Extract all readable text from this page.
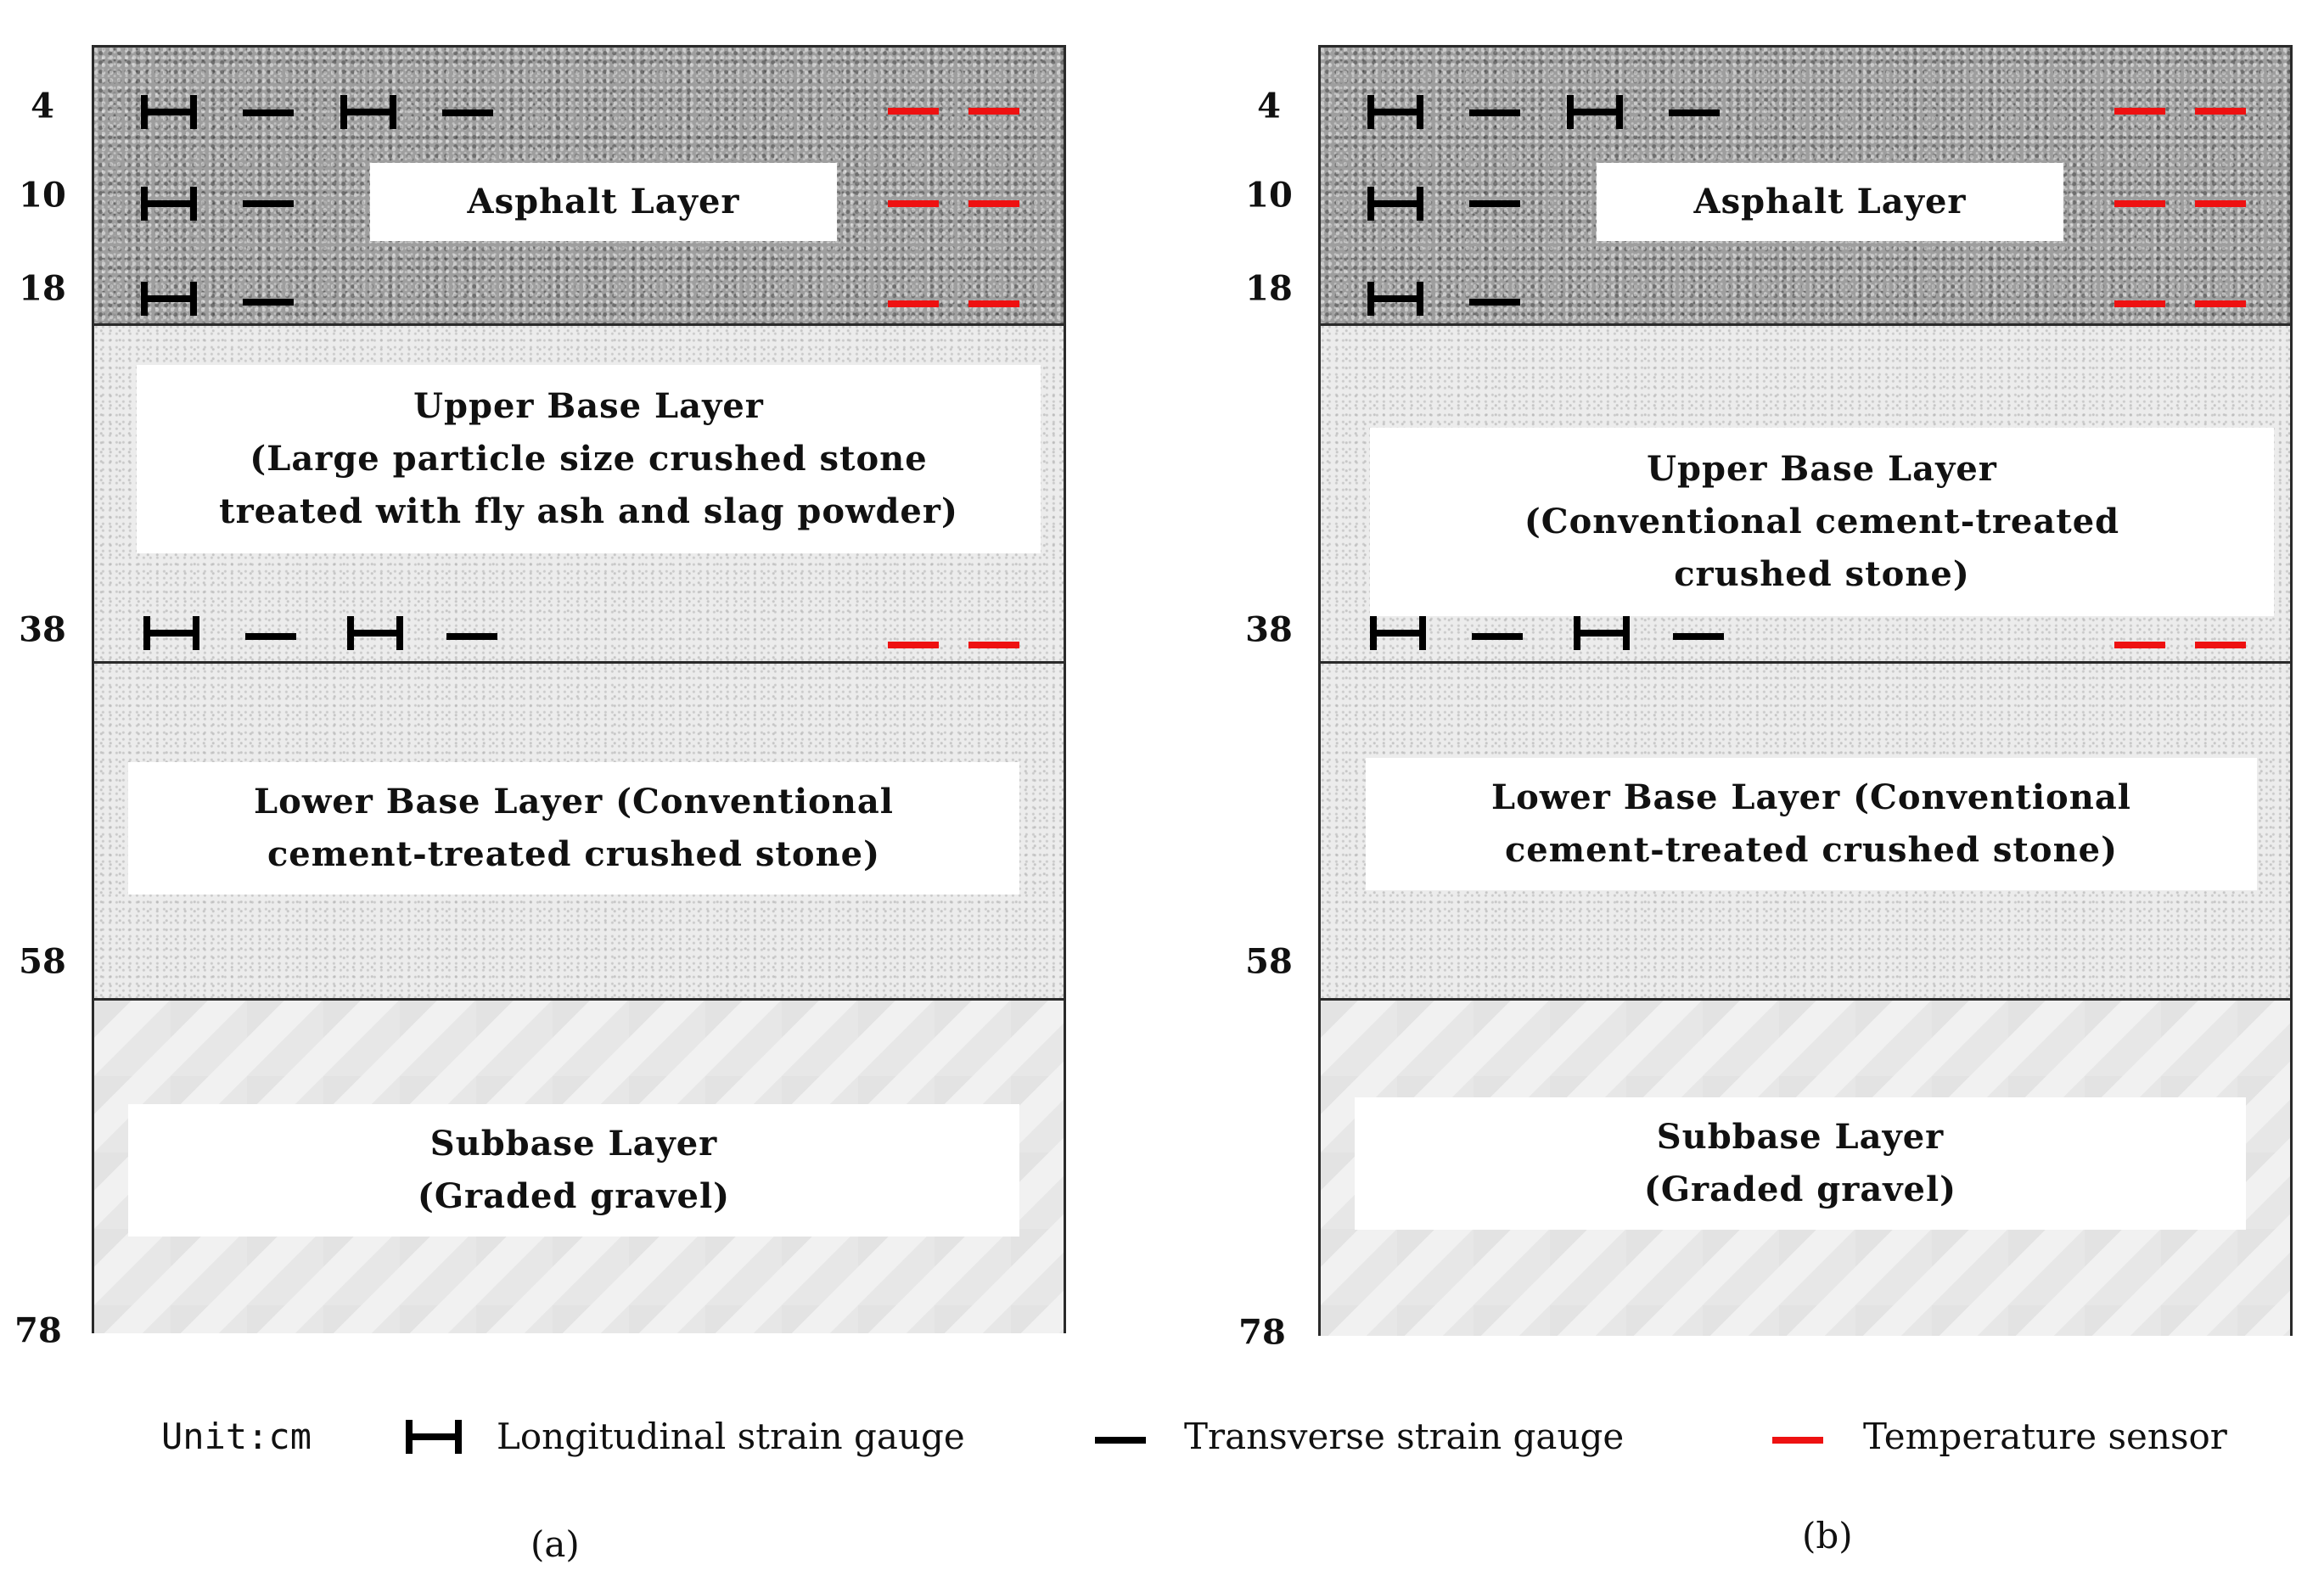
4
10
18
38
58
78
Asphalt Layer
Upper Base Layer
(Large particle size crushed stone
treated with fly ash and slag powder)
Lower Base Layer (Conventional
cement-treated crushed stone)
Subbase Layer
(Graded gravel)
(a)
4
10
18
38
58
78
Asphalt Layer
Upper Base Layer
(Conventional cement-treated
crushed stone)
Lower Base Layer (Conventional
cement-treated crushed stone)
Subbase Layer
(Graded gravel)
(b)
Unit:cm	Longitudinal strain gauge	Transverse strain gauge	Temperature sensor
